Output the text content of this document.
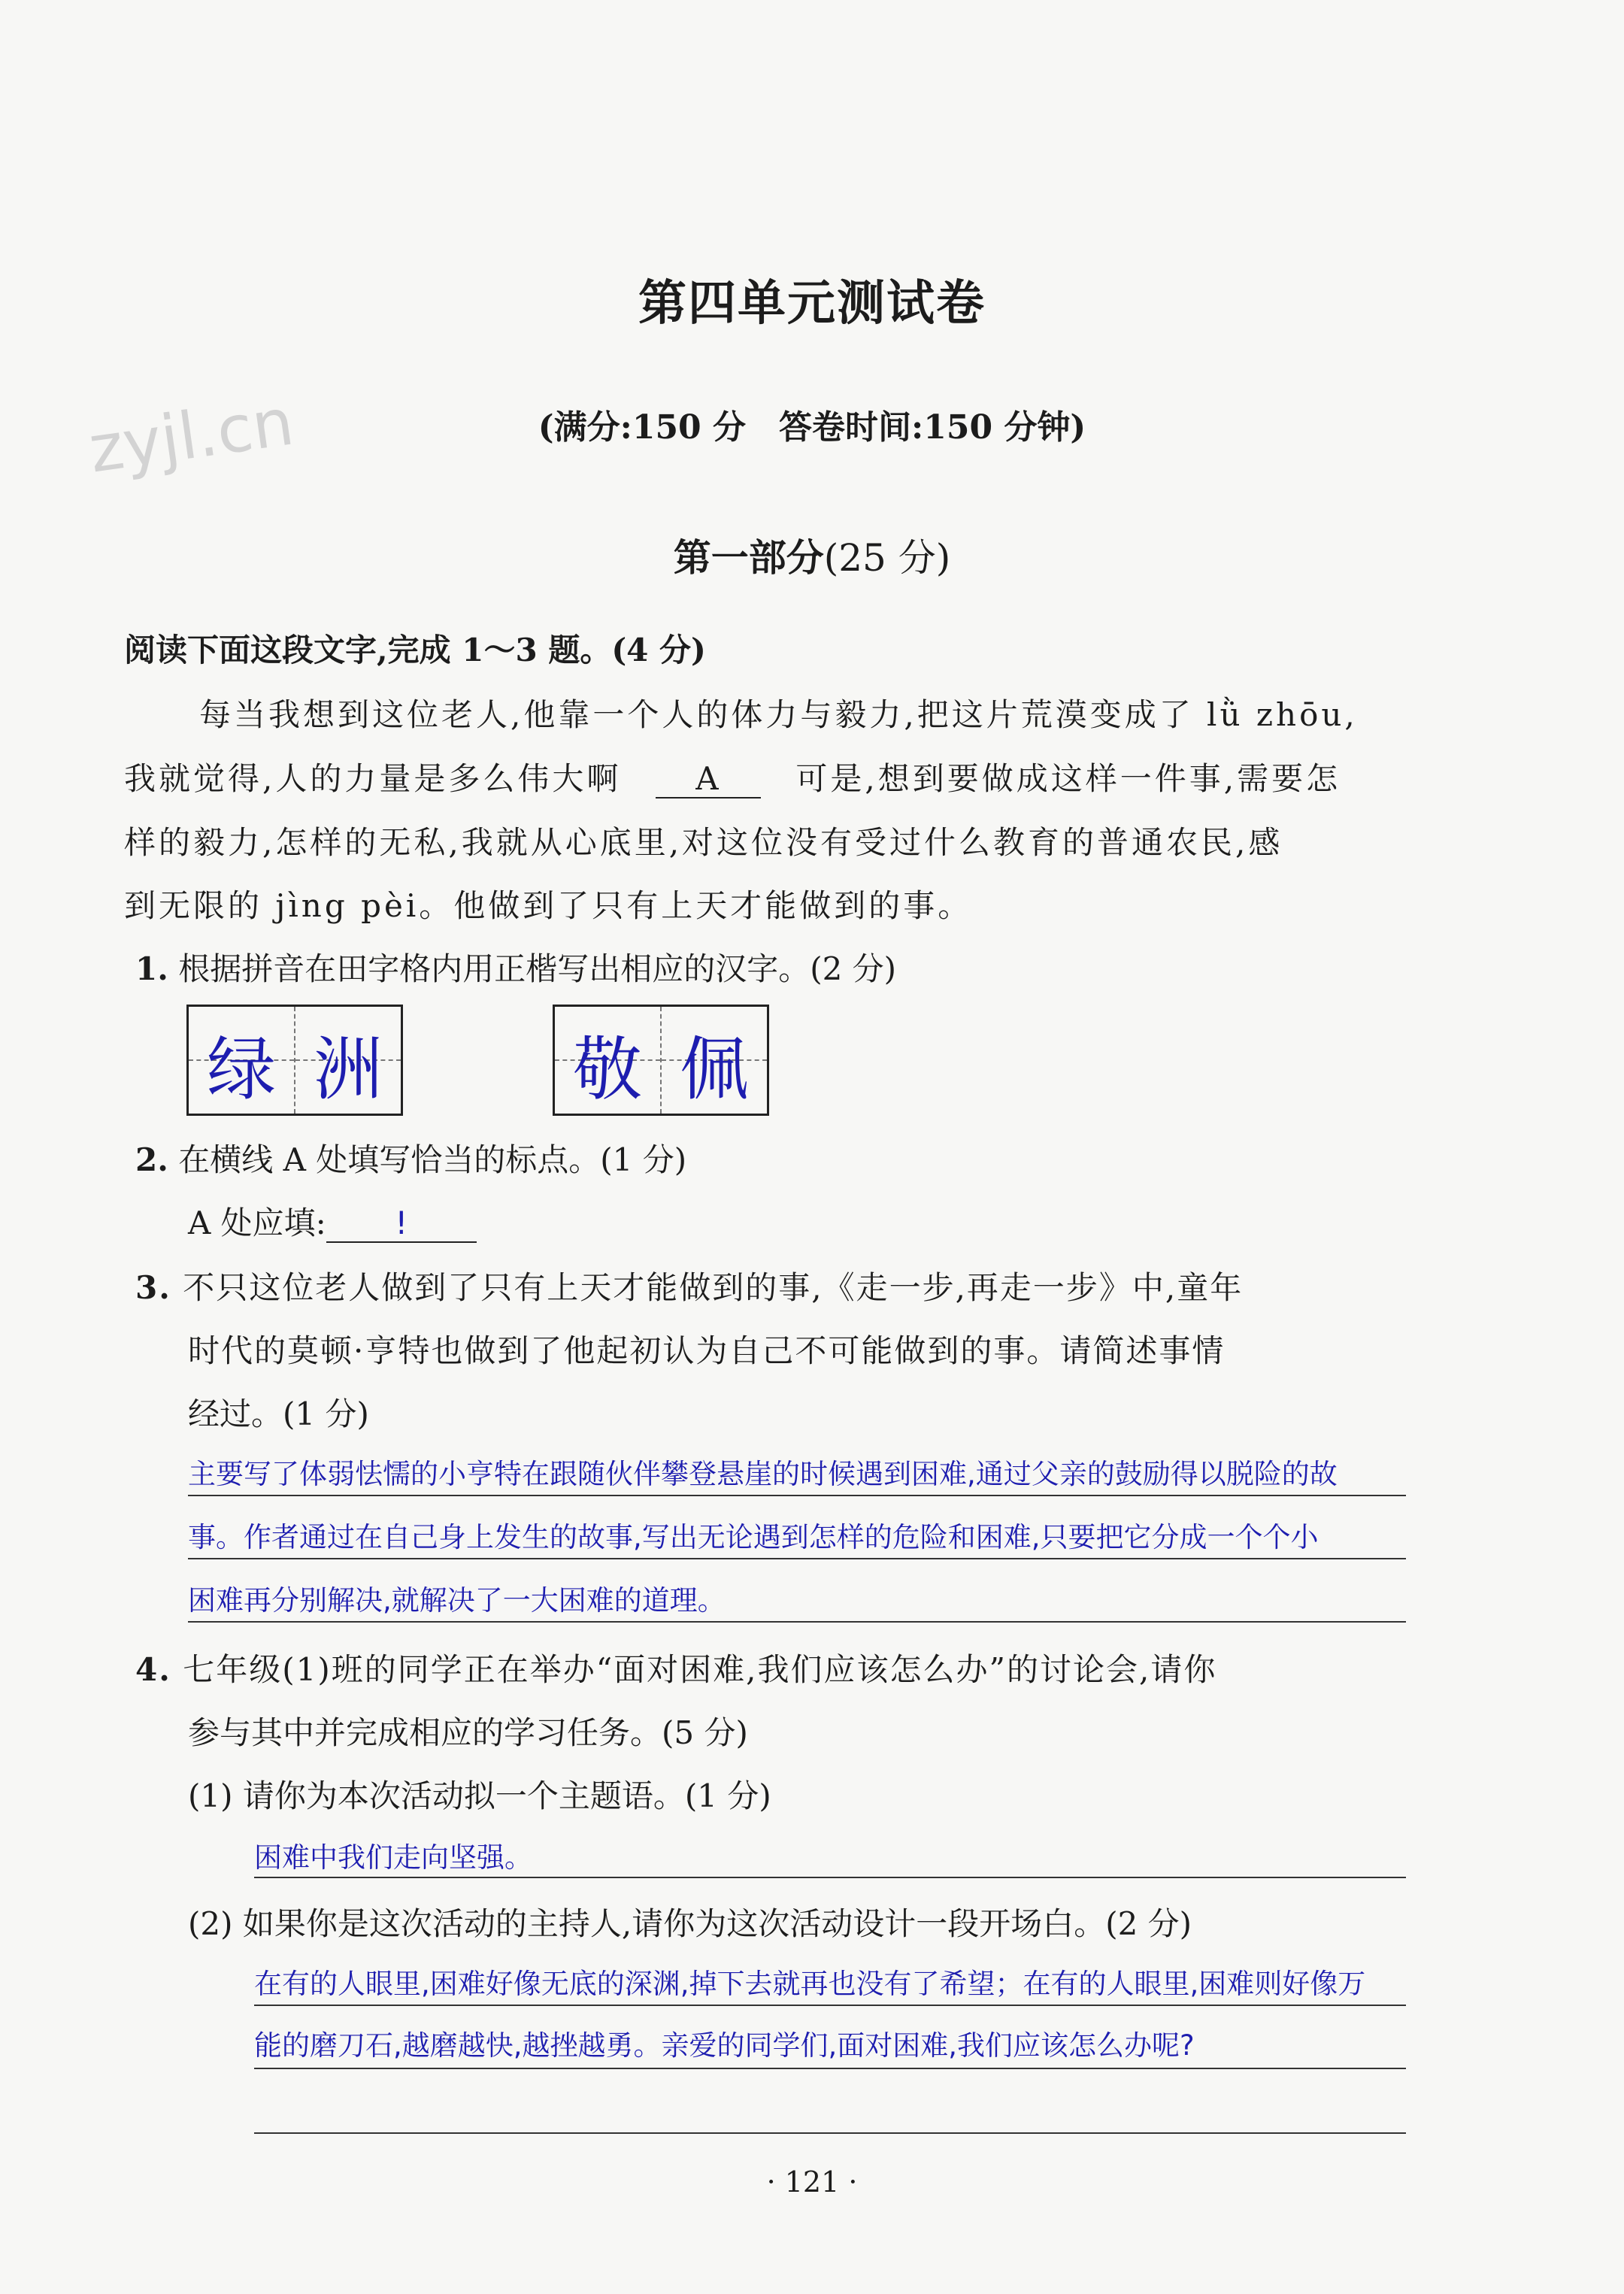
zyjl.cn
第四单元测试卷
(满分:150 分　答卷时间:150 分钟)
第一部分(25 分)
阅读下面这段文字,完成 1～3 题。(4 分)
每当我想到这位老人,他靠一个人的体力与毅力,把这片荒漠变成了 lǜ zhōu,
我就觉得,人的力量是多么伟大啊　 A　 可是,想到要做成这样一件事,需要怎
样的毅力,怎样的无私,我就从心底里,对这位没有受过什么教育的普通农民,感
到无限的 jìng pèi。他做到了只有上天才能做到的事。
1. 根据拼音在田字格内用正楷写出相应的汉字。(2 分)
绿 洲	敬 佩
2. 在横线 A 处填写恰当的标点。(1 分)
A 处应填: !
3. 不只这位老人做到了只有上天才能做到的事,《走一步,再走一步》中,童年
时代的莫顿·亨特也做到了他起初认为自己不可能做到的事。请简述事情
经过。(1 分)
主要写了体弱怯懦的小亨特在跟随伙伴攀登悬崖的时候遇到困难,通过父亲的鼓励得以脱险的故
事。作者通过在自己身上发生的故事,写出无论遇到怎样的危险和困难,只要把它分成一个个小
困难再分别解决,就解决了一大困难的道理。
4. 七年级(1)班的同学正在举办“面对困难,我们应该怎么办”的讨论会,请你
参与其中并完成相应的学习任务。(5 分)
(1) 请你为本次活动拟一个主题语。(1 分)
困难中我们走向坚强。
(2) 如果你是这次活动的主持人,请你为这次活动设计一段开场白。(2 分)
在有的人眼里,困难好像无底的深渊,掉下去就再也没有了希望；在有的人眼里,困难则好像万
能的磨刀石,越磨越快,越挫越勇。亲爱的同学们,面对困难,我们应该怎么办呢?
· 121 ·
